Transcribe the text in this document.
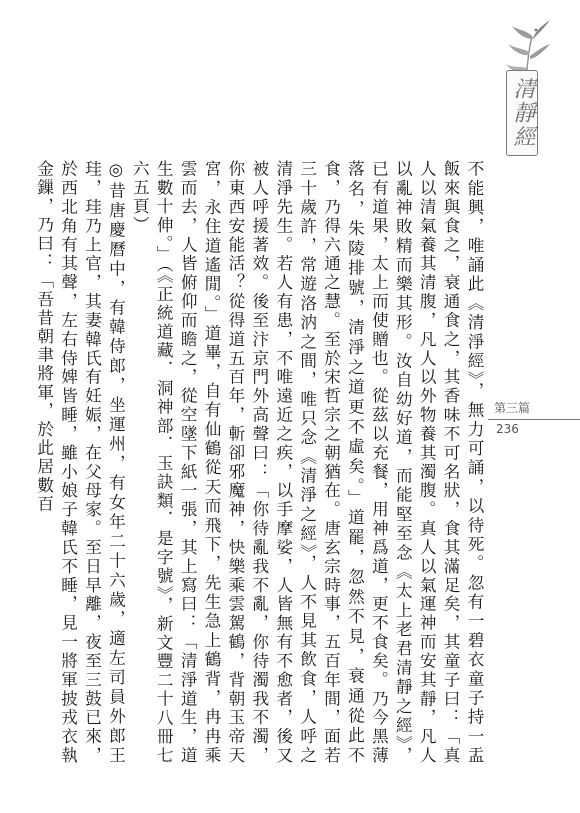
清靜經
第三篇
236

不能興，唯誦此《清淨經》，無力可誦，以待死。忽有一碧衣童子持一盂飯來與食之，衰通食之，其香味不可名狀，食其滿足矣，其童子曰：「真人以清氣養其清腹，凡人以外物養其濁腹。真人以氣運神而安其靜，凡人以亂神敗精而樂其形。汝自幼好道，而能堅至念《太上老君清靜之經》，已有道果，太上而使贈也。從茲以充餐，用神爲道，更不食矣。乃今黑薄落名，朱陵排號，清淨之道更不虛矣。」道罷，忽然不見，衰通從此不食，乃得六通之慧。至於宋哲宗之朝猶在。唐玄宗時事，五百年間，面若三十歲許，常遊洛汭之間，唯只念《清淨之經》，人不見其飲食，人呼之清淨先生。若人有患，不唯遠近之疾，以手摩娑，人皆無有不愈者，後又被人呼援著效。後至汴京門外高聲曰：「你待亂我不亂，你待濁我不濁，你東西安能活？從得道五百年，斬卻邪魔神，快樂乘雲駕鶴，背朝玉帝天宮，永住道遙閒。」道畢，自有仙鶴從天而飛下，先生急上鶴背，冉冉乘雲而去，人皆俯仰而瞻之，從空墜下紙一張，其上寫曰：「清淨道生，道生數十伸。」（《正統道藏．洞神部．玉訣類．是字號》，新文豐二十八冊七六五頁）

◎昔唐慶曆中，有韓侍郎，坐運州，有女年二十六歲，適左司員外郎王珪，珪乃上官，其妻韓氏有妊娠，在父母家。至日早離，夜至三鼓已來，於西北角有其聲，左右侍婢皆睡，雖小娘子韓氏不睡，見一將軍披戎衣執金鏁，乃曰：「吾昔朝聿將軍，於此居數百
